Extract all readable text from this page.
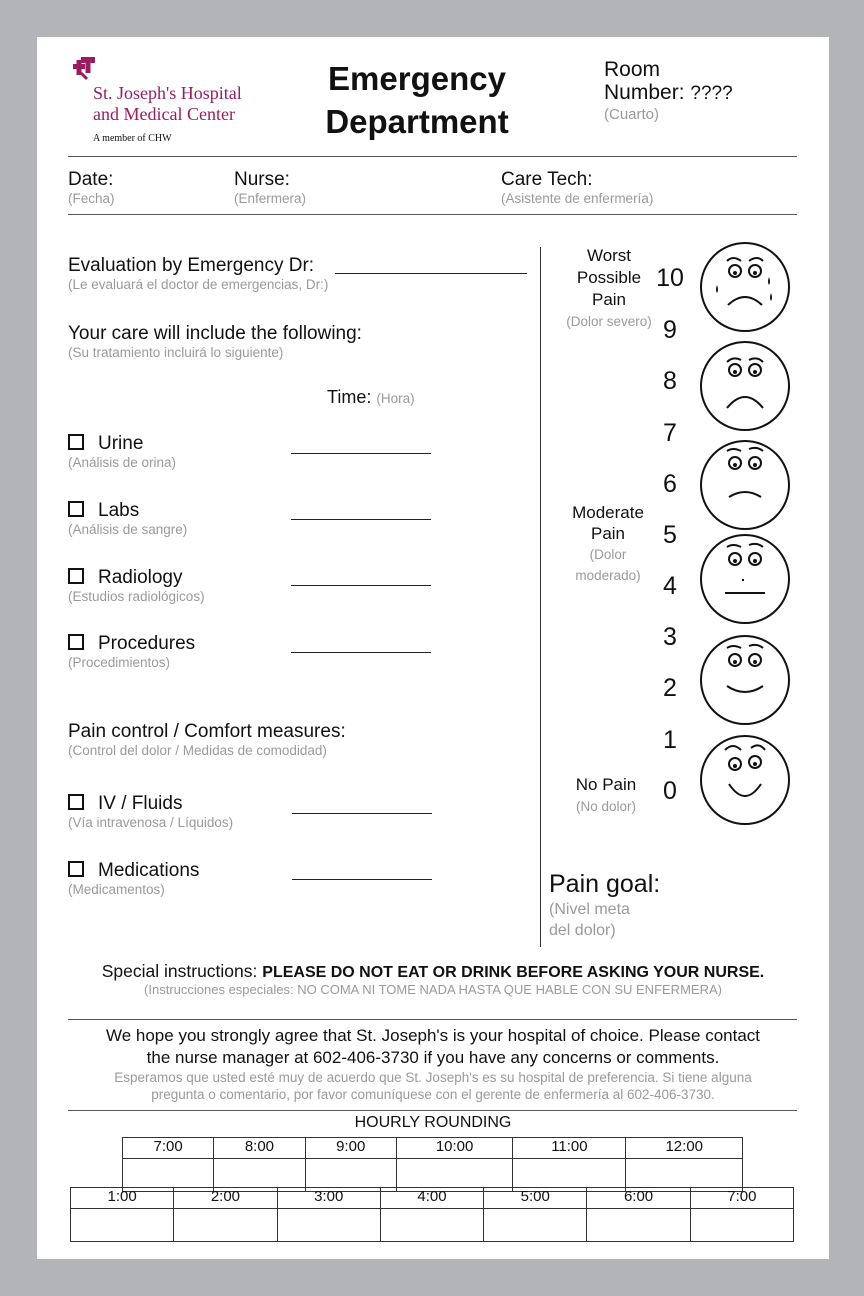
St. Joseph's Hospital
and Medical Center
A member of CHW
Emergency
Department
Room
Number: ????
(Cuarto)
Date:
(Fecha)
Nurse:
(Enfermera)
Care Tech:
(Asistente de enfermería)
Evaluation by Emergency Dr:
(Le evaluará el doctor de emergencias, Dr:)
Your care will include the following:
(Su tratamiento incluirá lo siguiente)
Time: (Hora)
Urine
(Análisis de orina)
Labs
(Análisis de sangre)
Radiology
(Estudios radiológicos)
Procedures
(Procedimientos)
Pain control / Comfort measures:
(Control del dolor / Medidas de comodidad)
IV / Fluids
(Vía intravenosa / Líquidos)
Medications
(Medicamentos)
Worst
Possible
Pain
(Dolor severo)
Moderate
Pain
(Dolor
moderado)
No Pain
(No dolor)
10
9
8
7
6
5
4
3
2
1
0
Pain goal:
(Nivel meta
del dolor)
Special instructions: PLEASE DO NOT EAT OR DRINK BEFORE ASKING YOUR NURSE.
(Instrucciones especiales: NO COMA NI TOME NADA HASTA QUE HABLE CON SU ENFERMERA)
We hope you strongly agree that St. Joseph's is your hospital of choice. Please contact
the nurse manager at 602-406-3730 if you have any concerns or comments.
Esperamos que usted esté muy de acuerdo que St. Joseph's es su hospital de preferencia. Si tiene alguna
pregunta o comentario, por favor comuníquese con el gerente de enfermería al 602-406-3730.
HOURLY ROUNDING
7:00	8:00	9:00	10:00	11:00	12:00

1:00	2:00	3:00	4:00	5:00	6:00	7:00
